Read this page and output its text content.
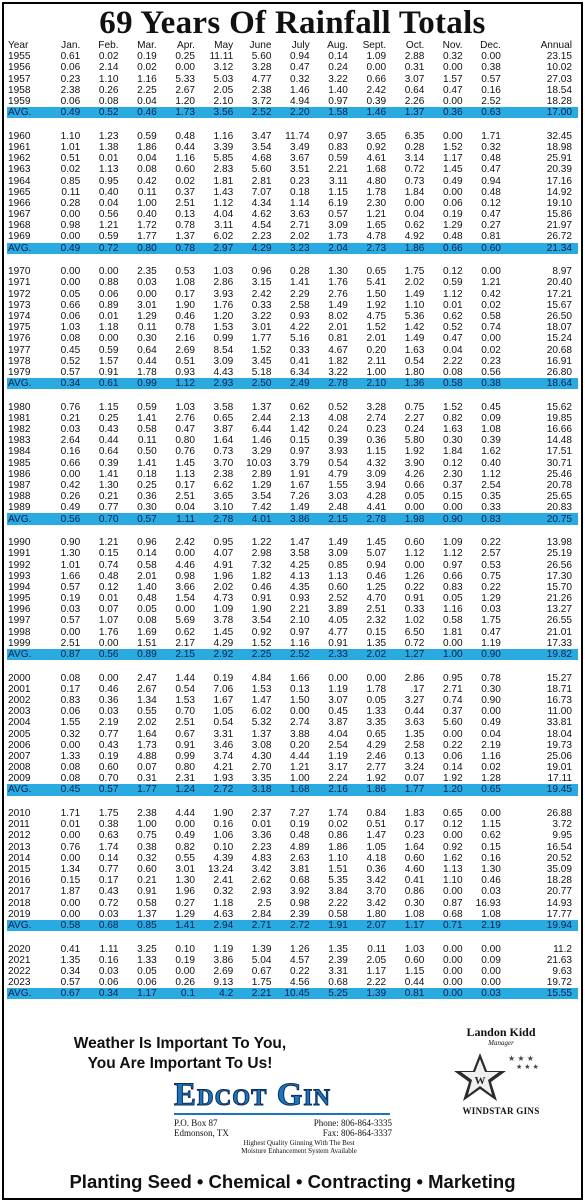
69 Years Of Rainfall Totals
Year	Jan.	Feb.	Mar.	Apr.	May	June	July	Aug.	Sept.	Oct.	Nov.	Dec.	Annual
1955	0.61	0.02	0.19	0.25	11.11	5.60	0.94	0.14	1.09	2.88	0.32	0.00	23.15
1956	0.06	2.14	0.02	0.00	3.12	3.28	0.47	0.24	0.00	0.31	0.00	0.38	10.02
1957	0.23	1.10	1.16	5.33	5.03	4.77	0.32	3.22	0.66	3.07	1.57	0.57	27.03
1958	2.38	0.26	2.25	2.67	2.05	2.38	1.46	1.40	2.42	0.64	0.47	0.16	18.54
1959	0.06	0.08	0.04	1.20	2.10	3.72	4.94	0.97	0.39	2.26	0.00	2.52	18.28
AVG.	0.49	0.52	0.46	1.73	3.56	2.52	2.20	1.58	1.46	1.37	0.36	0.63	17.00

1960	1.10	1.23	0.59	0.48	1.16	3.47	11.74	0.97	3.65	6.35	0.00	1.71	32.45
1961	1.01	1.38	1.86	0.44	3.39	3.54	3.49	0.83	0.92	0.28	1.52	0.32	18.98
1962	0.51	0.01	0.04	1.16	5.85	4.68	3.67	0.59	4.61	3.14	1.17	0.48	25.91
1963	0.02	1.13	0.08	0.60	2.83	5.60	3.51	2.21	1.68	0.72	1.45	0.47	20.39
1964	0.85	0.95	0.42	0.02	1.81	2.81	0.23	3.11	4.80	0.73	0.49	0.94	17.16
1965	0.11	0.40	0.11	0.37	1.43	7.07	0.18	1.15	1.78	1.84	0.00	0.48	14.92
1966	0.28	0.04	1.00	2.51	1.12	4.34	1.14	6.19	2.30	0.00	0.06	0.12	19.10
1967	0.00	0.56	0.40	0.13	4.04	4.62	3.63	0.57	1.21	0.04	0.19	0.47	15.86
1968	0.98	1.21	1.72	0.78	3.11	4.54	2.71	3.09	1.65	0.62	1.29	0.27	21.97
1969	0.00	0.59	1.77	1.37	6.02	2.23	2.02	1.73	4.78	4.92	0.48	0.81	26.72
AVG.	0.49	0.72	0.80	0.78	2.97	4.29	3.23	2.04	2.73	1.86	0.66	0.60	21.34

1970	0.00	0.00	2.35	0.53	1.03	0.96	0.28	1.30	0.65	1.75	0.12	0.00	8.97
1971	0.00	0.88	0.03	1.08	2.86	3.15	1.41	1.76	5.41	2.02	0.59	1.21	20.40
1972	0.05	0.06	0.00	0.17	3.93	2.42	2.29	2.76	1.50	1.49	1.12	0.42	17.21
1973	0.66	0.89	3.01	1.90	1.76	0.33	2.58	1.49	1.92	1.10	0.01	0.02	15.67
1974	0.06	0.01	1.29	0.46	1.20	3.22	0.93	8.02	4.75	5.36	0.62	0.58	26.50
1975	1.03	1.18	0.11	0.78	1.53	3.01	4.22	2.01	1.52	1.42	0.52	0.74	18.07
1976	0.08	0.00	0.30	2.16	0.99	1.77	5.16	0.81	2.01	1.49	0.47	0.00	15.24
1977	0.45	0.59	0.64	2.69	8.54	1.52	0.33	4.67	0.20	1.63	0.04	0.02	20.68
1978	0.52	1.57	0.44	0.51	3.09	3.45	0.41	1.82	2.11	0.54	2.22	0.23	16.91
1979	0.57	0.91	1.78	0.93	4.43	5.18	6.34	3.22	1.00	1.80	0.08	0.56	26.80
AVG.	0.34	0.61	0.99	1.12	2.93	2.50	2.49	2.78	2.10	1.36	0.58	0.38	18.64

1980	0.76	1.15	0.59	1.03	3.58	1.37	0.62	0.52	3.28	0.75	1.52	0.45	15.62
1981	0.21	0.25	1.41	2.76	0.65	2.44	2.13	4.08	2.74	2.27	0.82	0.09	19.85
1982	0.03	0.43	0.58	0.47	3.87	6.44	1.42	0.24	0.23	0.24	1.63	1.08	16.66
1983	2.64	0.44	0.11	0.80	1.64	1.46	0.15	0.39	0.36	5.80	0.30	0.39	14.48
1984	0.16	0.64	0.50	0.76	0.73	3.29	0.97	3.93	1.15	1.92	1.84	1.62	17.51
1985	0.66	0.39	1.41	1.45	3.70	10.03	3.79	0.54	4.32	3.90	0.12	0.40	30.71
1986	0.00	1.41	0.18	1.13	2.38	2.89	1.91	4.79	3.09	4.26	2.30	1.12	25.46
1987	0.42	1.30	0.25	0.17	6.62	1.29	1.67	1.55	3.94	0.66	0.37	2.54	20.78
1988	0.26	0.21	0.36	2.51	3.65	3.54	7.26	3.03	4.28	0.05	0.15	0.35	25.65
1989	0.49	0.77	0.30	0.04	3.10	7.42	1.49	2.48	4.41	0.00	0.00	0.33	20.83
AVG.	0.56	0.70	0.57	1.11	2.78	4.01	3.86	2.15	2.78	1.98	0.90	0.83	20.75

1990	0.90	1.21	0.96	2.42	0.95	1.22	1.47	1.49	1.45	0.60	1.09	0.22	13.98
1991	1.30	0.15	0.14	0.00	4.07	2.98	3.58	3.09	5.07	1.12	1.12	2.57	25.19
1992	1.01	0.74	0.58	4.46	4.91	7.32	4.25	0.85	0.94	0.00	0.97	0.53	26.56
1993	1.66	0.48	2.01	0.98	1.96	1.82	4.13	1.13	0.46	1.26	0.66	0.75	17.30
1994	0.57	0.12	1.40	3.66	2.02	0.46	4.35	0.60	1.25	0.22	0.83	0.22	15.70
1995	0.19	0.01	0.48	1.54	4.73	0.91	0.93	2.52	4.70	0.91	0.05	1.29	21.26
1996	0.03	0.07	0.05	0.00	1.09	1.90	2.21	3.89	2.51	0.33	1.16	0.03	13.27
1997	0.57	1.07	0.08	5.69	3.78	3.54	2.10	4.05	2.32	1.02	0.58	1.75	26.55
1998	0.00	1.76	1.69	0.62	1.45	0.92	0.97	4.77	0.15	6.50	1.81	0.47	21.01
1999	2.51	0.00	1.51	2.17	4.29	1.52	1.16	0.91	1.35	0.72	0.00	1.19	17.33
AVG.	0.87	0.56	0.89	2.15	2.92	2.25	2.52	2.33	2.02	1.27	1.00	0.90	19.82

2000	0.08	0.00	2.47	1.44	0.19	4.84	1.66	0.00	0.00	2.86	0.95	0.78	15.27
2001	0.17	0.46	2.67	0.54	7.06	1.53	0.13	1.19	1.78	.17	2.71	0.30	18.71
2002	0.83	0.36	1.34	1.53	1.67	1.47	1.50	3.07	0.05	3.27	0.74	0.90	16.73
2003	0.06	0.03	0.55	0.70	1.05	6.02	0.00	0.45	1.33	0.44	0.37	0.00	11.00
2004	1.55	2.19	2.02	2.51	0.54	5.32	2.74	3.87	3.35	3.63	5.60	0.49	33.81
2005	0.32	0.77	1.64	0.67	3.31	1.37	3.88	4.04	0.65	1.35	0.00	0.04	18.04
2006	0.00	0.43	1.73	0.91	3.46	3.08	0.20	2.54	4.29	2.58	0.22	2.19	19.73
2007	1.33	0.19	4.88	0.99	3.74	4.30	4.44	1.19	2.46	0.13	0.06	1.16	25.06
2008	0.08	0.60	0.07	0.80	4.21	2.70	1.21	3.17	2.77	3.24	0.14	0.02	19.01
2009	0.08	0.70	0.31	2.31	1.93	3.35	1.00	2.24	1.92	0.07	1.92	1.28	17.11
AVG.	0.45	0.57	1.77	1.24	2.72	3.18	1.68	2.16	1.86	1.77	1.20	0.65	19.45

2010	1.71	1.75	2.38	4.44	1.90	2.37	7.27	1.74	0.84	1.83	0.65	0.00	26.88
2011	0.01	0.38	1.00	0.00	0.16	0.01	0.19	0.02	0.51	0.17	0.12	1.15	3.72
2012	0.00	0.63	0.75	0.49	1.06	3.36	0.48	0.86	1.47	0.23	0.00	0.62	9.95
2013	0.76	1.74	0.38	0.82	0.10	2.23	4.89	1.86	1.05	1.64	0.92	0.15	16.54
2014	0.00	0.14	0.32	0.55	4.39	4.83	2.63	1.10	4.18	0.60	1.62	0.16	20.52
2015	1.34	0.77	0.60	3.01	13.24	3.42	3.81	1.51	0.36	4.60	1.13	1.30	35.09
2016	0.15	0.17	0.21	1.30	2.41	2.62	0.68	5.35	3.42	0.41	1.10	0.46	18.28
2017	1.87	0.43	0.91	1.96	0.32	2.93	3.92	3.84	3.70	0.86	0.00	0.03	20.77
2018	0.00	0.72	0.58	0.27	1.18	2.5	0.98	2.22	3.42	0.30	0.87	16.93	14.93
2019	0.00	0.03	1.37	1.29	4.63	2.84	2.39	0.58	1.80	1.08	0.68	1.08	17.77
AVG.	0.58	0.68	0.85	1.41	2.94	2.71	2.72	1.91	2.07	1.17	0.71	2.19	19.94

2020	0.41	1.11	3.25	0.10	1.19	1.39	1.26	1.35	0.11	1.03	0.00	0.00	11.2
2021	1.35	0.16	1.33	0.19	3.86	5.04	4.57	2.39	2.05	0.60	0.00	0.09	21.63
2022	0.34	0.03	0.05	0.00	2.69	0.67	0.22	3.31	1.17	1.15	0.00	0.00	9.63
2023	0.57	0.06	0.06	0.26	9.13	1.75	4.56	0.68	2.22	0.44	0.00	0.00	19.72
AVG.	0.67	0.34	1.17	0.1	4.2	2.21	10.45	5.25	1.39	0.81	0.00	0.03	15.55
Weather Is Important To You,
You Are Important To Us!
Edcot Gin
P.O. Box 87
Edmonson, TX
Phone: 806-864-3335
Fax: 806-864-3337
Highest Quality Ginning With The Best
Moisture Enhancement System Available
Landon Kidd
Manager
W
★ ★ ★
★ ★ ★
WINDSTAR GINS
Planting Seed • Chemical • Contracting • Marketing
